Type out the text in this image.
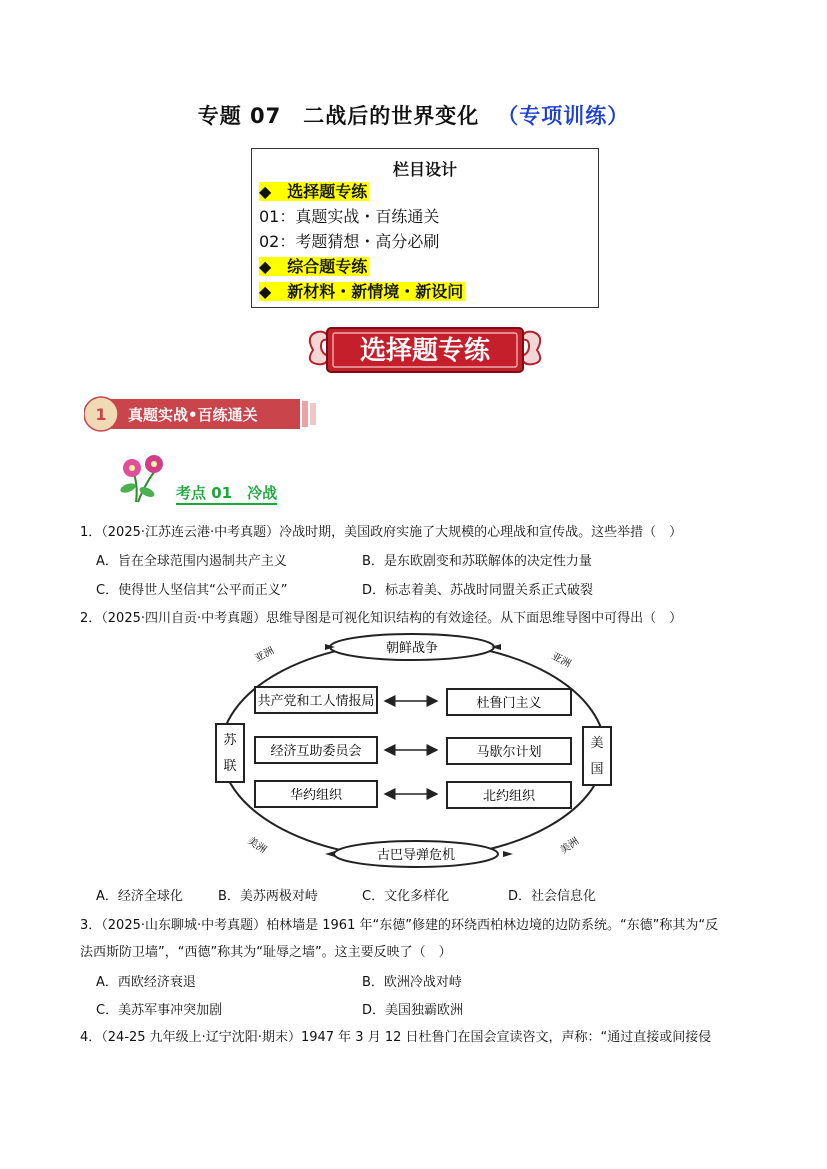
专题 07　二战后的世界变化 （专项训练）
栏目设计
◆　选择题专练
01：真题实战・百练通关
02：考题猜想・高分必刷
◆　综合题专练
◆　新材料・新情境・新设问
选择题专练
1 真题实战•百练通关
考点 01　冷战
1．（2025·江苏连云港·中考真题）冷战时期，美国政府实施了大规模的心理战和宣传战。这些举措（　）
A．旨在全球范围内遏制共产主义	B．是东欧剧变和苏联解体的决定性力量
C．使得世人坚信其“公平而正义”	D．标志着美、苏战时同盟关系正式破裂
2．（2025·四川自贡·中考真题）思维导图是可视化知识结构的有效途径。从下面思维导图中可得出（　）
朝鲜战争
古巴导弹危机
苏
联
美
国
共产党和工人情报局
经济互助委员会
华约组织
杜鲁门主义
马歇尔计划
北约组织
亚洲	亚洲
美洲	美洲
A．经济全球化	B．美苏两极对峙	C．文化多样化	D．社会信息化
3．（2025·山东聊城·中考真题）柏林墙是 1961 年“东德”修建的环绕西柏林边境的边防系统。“东德”称其为“反
法西斯防卫墙”，“西德”称其为“耻辱之墙”。这主要反映了（　）
A．西欧经济衰退	B．欧洲冷战对峙
C．美苏军事冲突加剧	D．美国独霸欧洲
4．（24-25 九年级上·辽宁沈阳·期末）1947 年 3 月 12 日杜鲁门在国会宣读咨文，声称：“通过直接或间接侵
